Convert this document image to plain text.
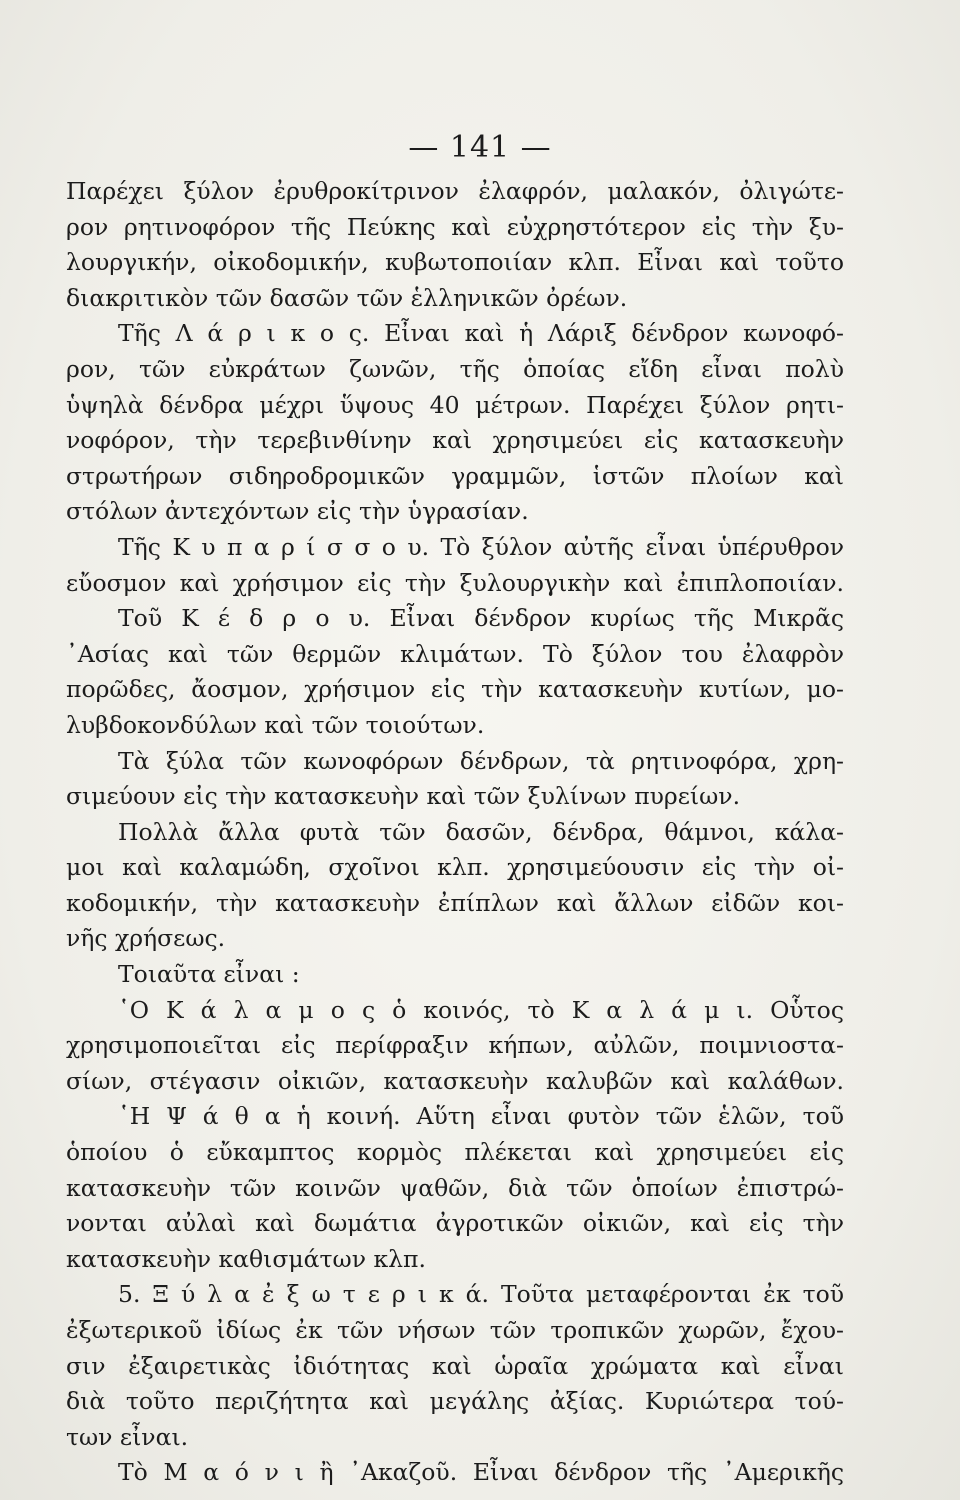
— 141 —
Παρέχει ξύλον ἐρυθροκίτρινον ἐλαφρόν, μαλακόν, ὀλιγώτε-
ρον ρητινοφόρον τῆς Πεύκης καὶ εὐχρηστότερον εἰς τὴν ξυ-
λουργικήν, οἰκοδομικήν, κυβωτοποιίαν κλπ. Εἶναι καὶ τοῦτο
διακριτικὸν τῶν δασῶν τῶν ἑλληνικῶν ὀρέων.
Τῆς Λ ά ρ ι κ ο ς. Εἶναι καὶ ἡ Λάριξ δένδρον κωνοφό-
ρον, τῶν εὐκράτων ζωνῶν, τῆς ὁποίας εἴδη εἶναι πολὺ
ὑψηλὰ δένδρα μέχρι ὕψους 40 μέτρων. Παρέχει ξύλον ρητι-
νοφόρον, τὴν τερεβινθίνην καὶ χρησιμεύει εἰς κατασκευὴν
στρωτήρων σιδηροδρομικῶν γραμμῶν, ἱστῶν πλοίων καὶ
στόλων ἀντεχόντων εἰς τὴν ὑγρασίαν.
Τῆς Κ υ π α ρ ί σ σ ο υ. Τὸ ξύλον αὐτῆς εἶναι ὑπέρυθρον
εὔοσμον καὶ χρήσιμον εἰς τὴν ξυλουργικὴν καὶ ἐπιπλοποιίαν.
Τοῦ Κ έ δ ρ ο υ. Εἶναι δένδρον κυρίως τῆς Μικρᾶς
᾿Ασίας καὶ τῶν θερμῶν κλιμάτων. Τὸ ξύλον του ἐλαφρὸν
πορῶδες, ἄοσμον, χρήσιμον εἰς τὴν κατασκευὴν κυτίων, μο-
λυβδοκονδύλων καὶ τῶν τοιούτων.
Τὰ ξύλα τῶν κωνοφόρων δένδρων, τὰ ρητινοφόρα, χρη-
σιμεύουν εἰς τὴν κατασκευὴν καὶ τῶν ξυλίνων πυρείων.
Πολλὰ ἄλλα φυτὰ τῶν δασῶν, δένδρα, θάμνοι, κάλα-
μοι καὶ καλαμώδη, σχοῖνοι κλπ. χρησιμεύουσιν εἰς τὴν οἰ-
κοδομικήν, τὴν κατασκευὴν ἐπίπλων καὶ ἄλλων εἰδῶν κοι-
νῆς χρήσεως.
Τοιαῦτα εἶναι :
῾Ο Κ ά λ α μ ο ς ὁ κοινός, τὸ Κ α λ ά μ ι. Οὗτος
χρησιμοποιεῖται εἰς περίφραξιν κήπων, αὐλῶν, ποιμνιοστα-
σίων, στέγασιν οἰκιῶν, κατασκευὴν καλυβῶν καὶ καλάθων.
῾Η Ψ ά θ α ἡ κοινή. Αὕτη εἶναι φυτὸν τῶν ἑλῶν, τοῦ
ὁποίου ὁ εὔκαμπτος κορμὸς πλέκεται καὶ χρησιμεύει εἰς
κατασκευὴν τῶν κοινῶν ψαθῶν, διὰ τῶν ὁποίων ἐπιστρώ-
νονται αὐλαὶ καὶ δωμάτια ἀγροτικῶν οἰκιῶν, καὶ εἰς τὴν
κατασκευὴν καθισμάτων κλπ.
5. Ξ ύ λ α ἐ ξ ω τ ε ρ ι κ ά. Τοῦτα μεταφέρονται ἐκ τοῦ
ἐξωτερικοῦ ἰδίως ἐκ τῶν νήσων τῶν τροπικῶν χωρῶν, ἔχου-
σιν ἐξαιρετικὰς ἰδιότητας καὶ ὡραῖα χρώματα καὶ εἶναι
διὰ τοῦτο περιζήτητα καὶ μεγάλης ἀξίας. Κυριώτερα τού-
των εἶναι.
Τὸ Μ α ό ν ι ἢ ᾿Ακαζοῦ. Εἶναι δένδρον τῆς ᾿Αμερικῆς
